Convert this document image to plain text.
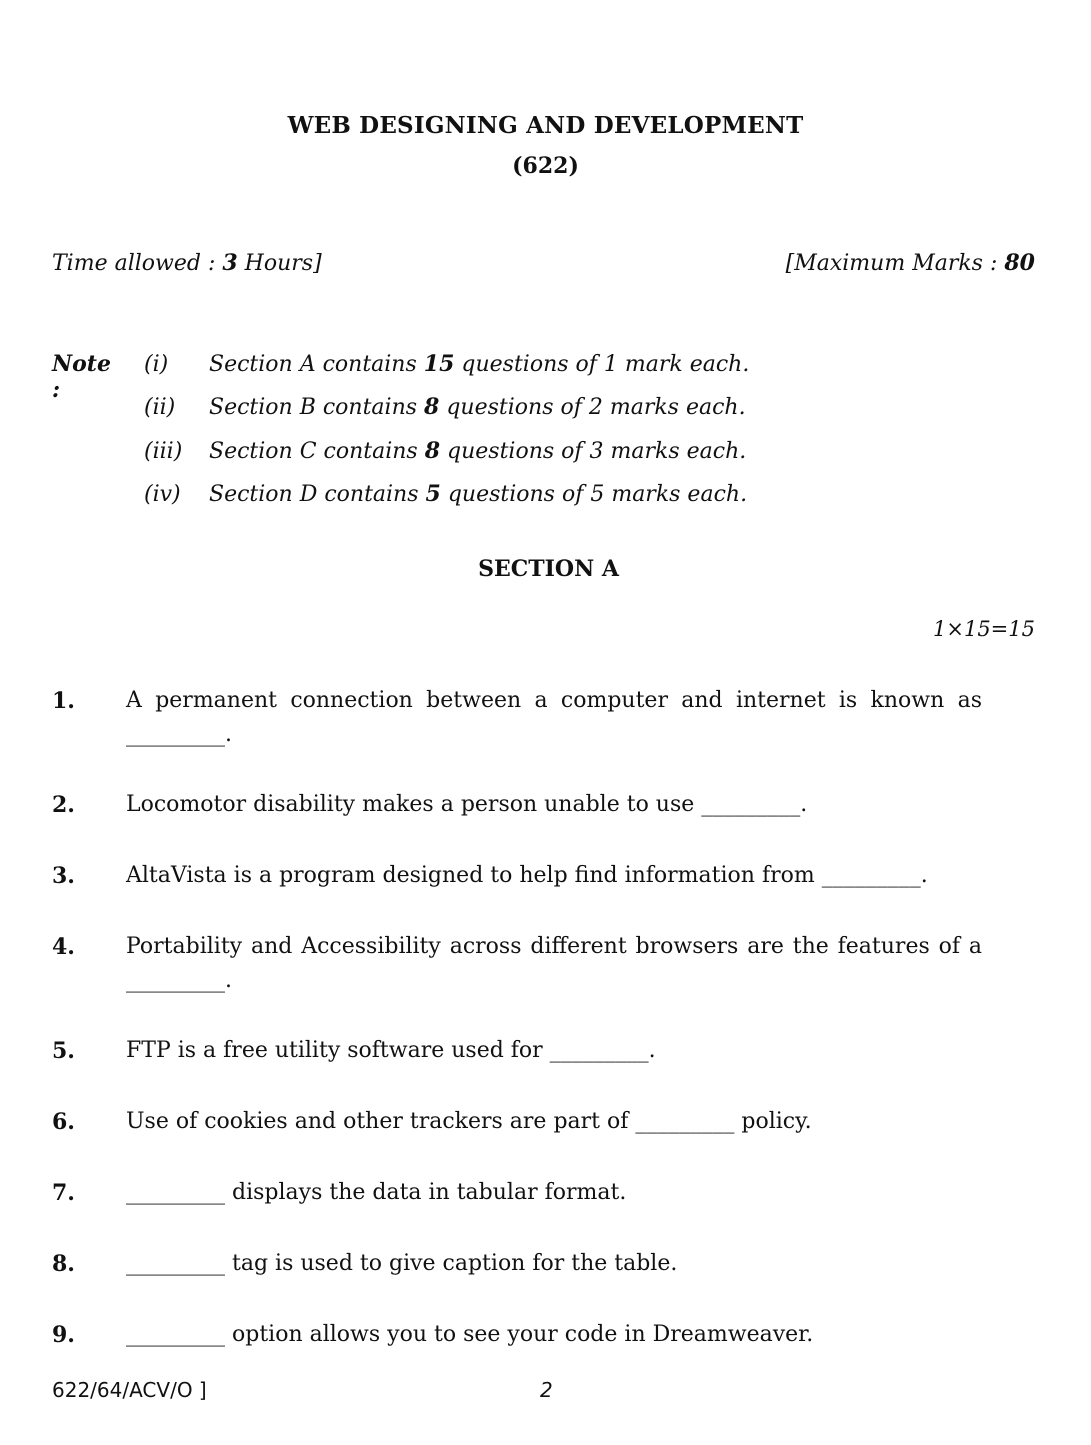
WEB DESIGNING AND DEVELOPMENT
(622)
Time allowed : 3 Hours]	[Maximum Marks : 80
Note :
(i) Section A contains 15 questions of 1 mark each.
(ii) Section B contains 8 questions of 2 marks each.
(iii) Section C contains 8 questions of 3 marks each.
(iv) Section D contains 5 questions of 5 marks each.
SECTION A
1×15=15
1. A permanent connection between a computer and internet is known as _________.
2. Locomotor disability makes a person unable to use _________.
3. AltaVista is a program designed to help find information from _________.
4. Portability and Accessibility across different browsers are the features of a _________.
5. FTP is a free utility software used for _________.
6. Use of cookies and other trackers are part of _________ policy.
7. _________ displays the data in tabular format.
8. _________ tag is used to give caption for the table.
9. _________ option allows you to see your code in Dreamweaver.
622/64/ACV/O ]	2
